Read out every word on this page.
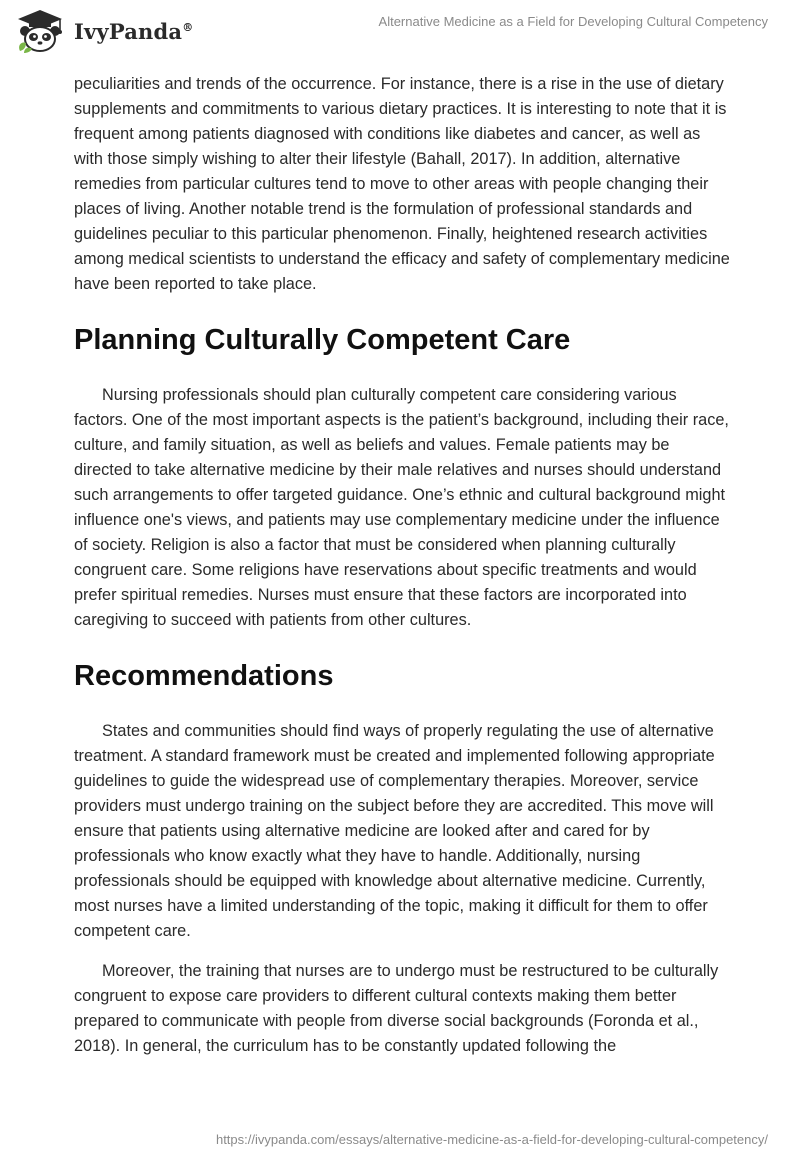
IvyPanda®	Alternative Medicine as a Field for Developing Cultural Competency

peculiarities and trends of the occurrence. For instance, there is a rise in the use of dietary supplements and commitments to various dietary practices. It is interesting to note that it is frequent among patients diagnosed with conditions like diabetes and cancer, as well as with those simply wishing to alter their lifestyle (Bahall, 2017). In addition, alternative remedies from particular cultures tend to move to other areas with people changing their places of living. Another notable trend is the formulation of professional standards and guidelines peculiar to this particular phenomenon. Finally, heightened research activities among medical scientists to understand the efficacy and safety of complementary medicine have been reported to take place.

Planning Culturally Competent Care

Nursing professionals should plan culturally competent care considering various factors. One of the most important aspects is the patient’s background, including their race, culture, and family situation, as well as beliefs and values. Female patients may be directed to take alternative medicine by their male relatives and nurses should understand such arrangements to offer targeted guidance. One’s ethnic and cultural background might influence one's views, and patients may use complementary medicine under the influence of society. Religion is also a factor that must be considered when planning culturally congruent care. Some religions have reservations about specific treatments and would prefer spiritual remedies. Nurses must ensure that these factors are incorporated into caregiving to succeed with patients from other cultures.

Recommendations

States and communities should find ways of properly regulating the use of alternative treatment. A standard framework must be created and implemented following appropriate guidelines to guide the widespread use of complementary therapies. Moreover, service providers must undergo training on the subject before they are accredited. This move will ensure that patients using alternative medicine are looked after and cared for by professionals who know exactly what they have to handle. Additionally, nursing professionals should be equipped with knowledge about alternative medicine. Currently, most nurses have a limited understanding of the topic, making it difficult for them to offer competent care.

Moreover, the training that nurses are to undergo must be restructured to be culturally congruent to expose care providers to different cultural contexts making them better prepared to communicate with people from diverse social backgrounds (Foronda et al., 2018). In general, the curriculum has to be constantly updated following the

https://ivypanda.com/essays/alternative-medicine-as-a-field-for-developing-cultural-competency/
